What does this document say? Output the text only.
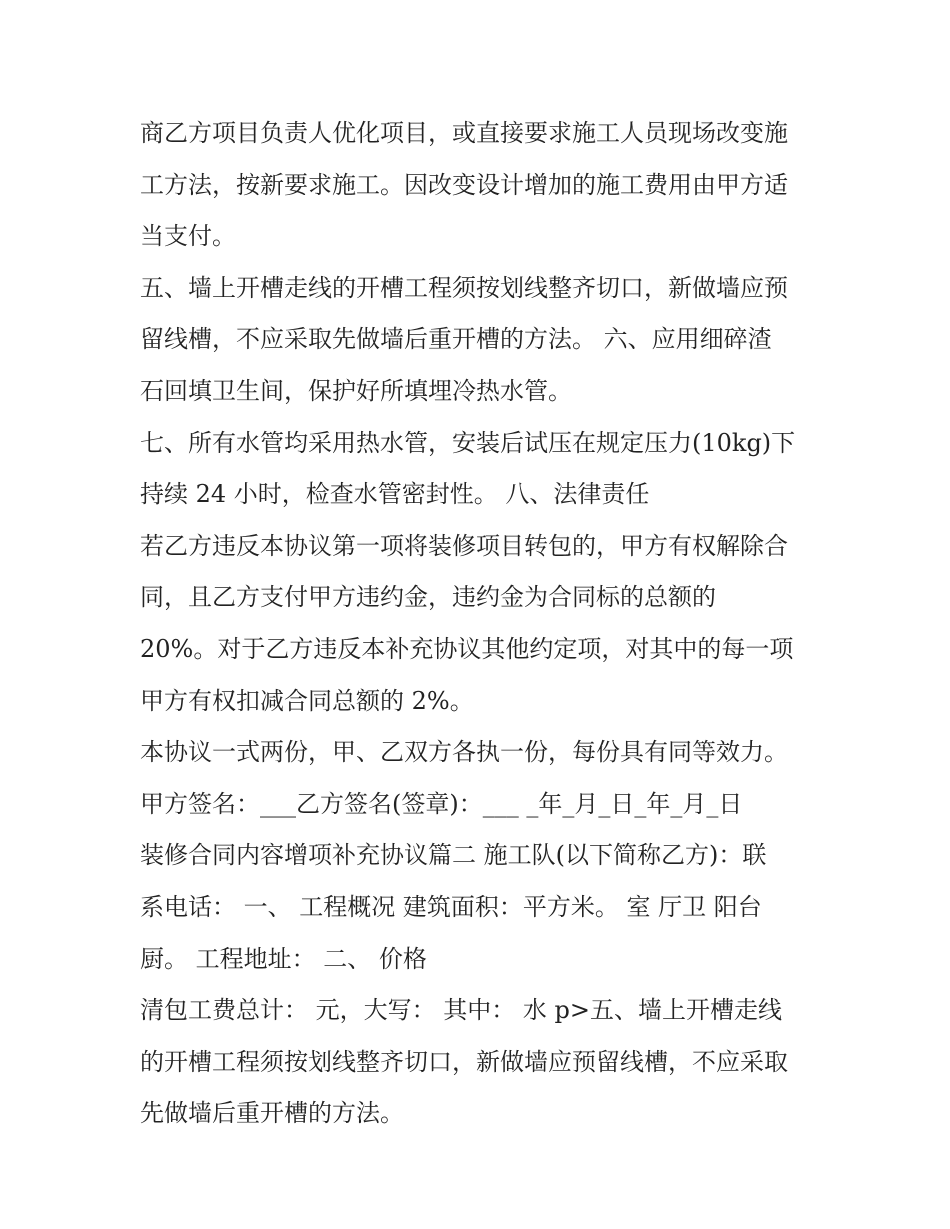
商乙方项目负责人优化项目，或直接要求施工人员现场改变施
工方法，按新要求施工。因改变设计增加的施工费用由甲方适
当支付。
五、墙上开槽走线的开槽工程须按划线整齐切口，新做墙应预
留线槽，不应采取先做墙后重开槽的方法。 六、应用细碎渣
石回填卫生间，保护好所填埋冷热水管。
七、所有水管均采用热水管，安装后试压在规定压力(10kg)下
持续 24 小时，检查水管密封性。 八、法律责任
若乙方违反本协议第一项将装修项目转包的，甲方有权解除合
同，且乙方支付甲方违约金，违约金为合同标的总额的
20%。对于乙方违反本补充协议其他约定项，对其中的每一项
甲方有权扣减合同总额的 2%。
本协议一式两份，甲、乙双方各执一份，每份具有同等效力。
甲方签名：___乙方签名(签章)：___ _年_月_日_年_月_日
装修合同内容增项补充协议篇二 施工队(以下简称乙方)：联
系电话： 一、 工程概况 建筑面积：平方米。 室 厅卫 阳台
厨。 工程地址： 二、 价格
清包工费总计： 元，大写： 其中： 水 p>五、墙上开槽走线
的开槽工程须按划线整齐切口，新做墙应预留线槽，不应采取
先做墙后重开槽的方法。
